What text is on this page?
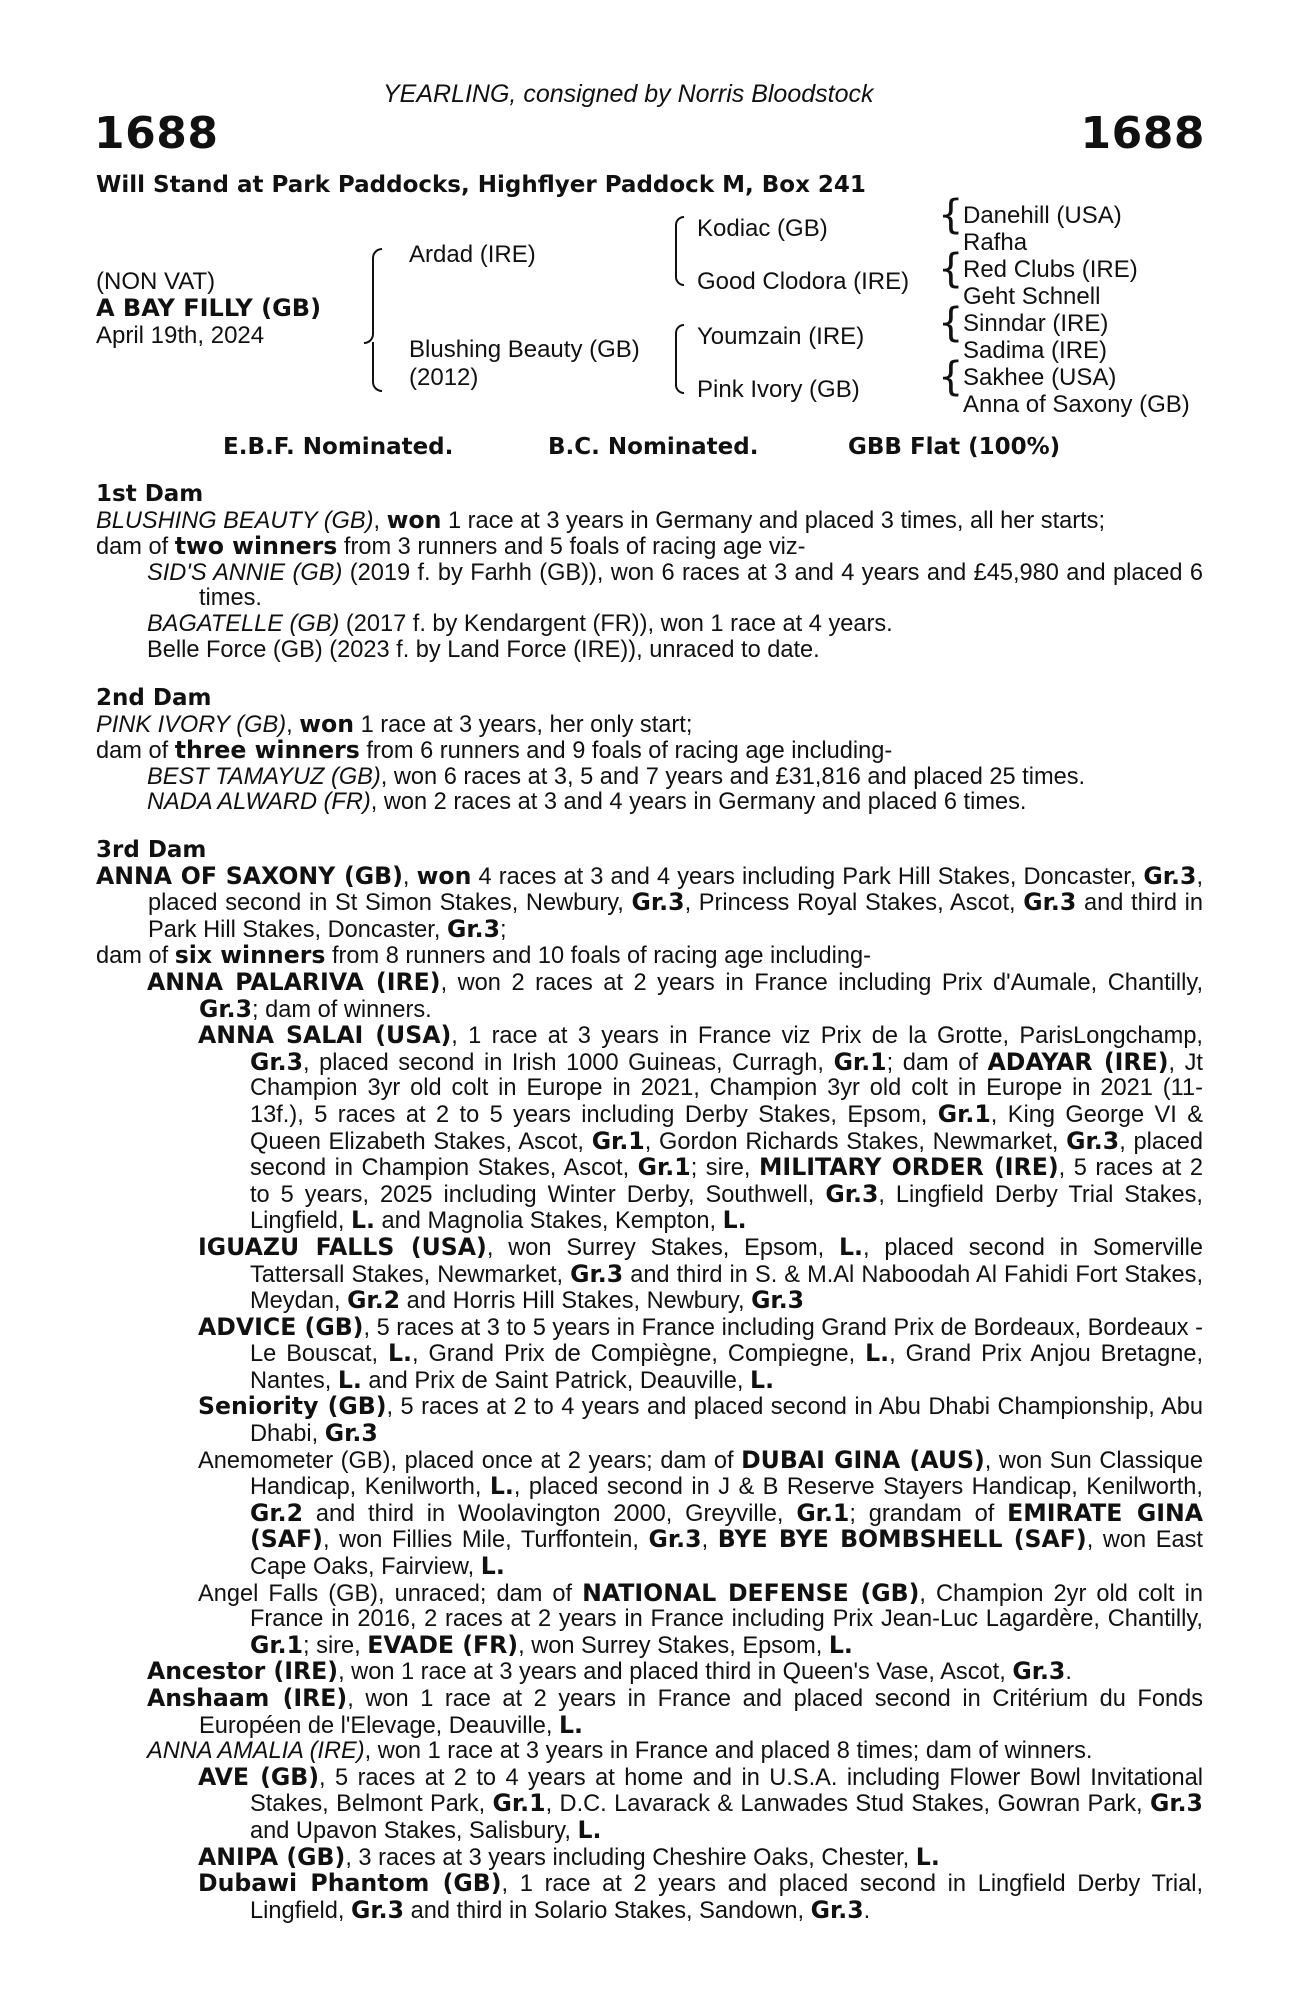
YEARLING, consigned by Norris Bloodstock
1688	1688
Will Stand at Park Paddocks, Highflyer Paddock M, Box 241
(NON VAT)
A BAY FILLY (GB)
April 19th, 2024
Ardad (IRE)
Blushing Beauty (GB)
(2012)
Kodiac (GB)
Good Clodora (IRE)
Youmzain (IRE)
Pink Ivory (GB)
{
{
{
{
Danehill (USA)
Rafha
Red Clubs (IRE)
Geht Schnell
Sinndar (IRE)
Sadima (IRE)
Sakhee (USA)
Anna of Saxony (GB)
E.B.F. Nominated.	B.C. Nominated.	GBB Flat (100%)

1st Dam

BLUSHING BEAUTY (GB), won 1 race at 3 years in Germany and placed 3 times, all her starts;

dam of two winners from 3 runners and 5 foals of racing age viz-

SID'S ANNIE (GB) (2019 f. by Farhh (GB)), won 6 races at 3 and 4 years and £45,980 and placed 6 times.

BAGATELLE (GB) (2017 f. by Kendargent (FR)), won 1 race at 4 years.

Belle Force (GB) (2023 f. by Land Force (IRE)), unraced to date.

2nd Dam

PINK IVORY (GB), won 1 race at 3 years, her only start;

dam of three winners from 6 runners and 9 foals of racing age including-

BEST TAMAYUZ (GB), won 6 races at 3, 5 and 7 years and £31,816 and placed 25 times.

NADA ALWARD (FR), won 2 races at 3 and 4 years in Germany and placed 6 times.

3rd Dam

ANNA OF SAXONY (GB), won 4 races at 3 and 4 years including Park Hill Stakes, Doncaster, Gr.3, placed second in St Simon Stakes, Newbury, Gr.3, Princess Royal Stakes, Ascot, Gr.3 and third in Park Hill Stakes, Doncaster, Gr.3;

dam of six winners from 8 runners and 10 foals of racing age including-

ANNA PALARIVA (IRE), won 2 races at 2 years in France including Prix d'Aumale, Chantilly, Gr.3; dam of winners.

ANNA SALAI (USA), 1 race at 3 years in France viz Prix de la Grotte, ParisLongchamp, Gr.3, placed second in Irish 1000 Guineas, Curragh, Gr.1; dam of ADAYAR (IRE), Jt Champion 3yr old colt in Europe in 2021, Champion 3yr old colt in Europe in 2021 (11-13f.), 5 races at 2 to 5 years including Derby Stakes, Epsom, Gr.1, King George VI & Queen Elizabeth Stakes, Ascot, Gr.1, Gordon Richards Stakes, Newmarket, Gr.3, placed second in Champion Stakes, Ascot, Gr.1; sire, MILITARY ORDER (IRE), 5 races at 2 to 5 years, 2025 including Winter Derby, Southwell, Gr.3, Lingfield Derby Trial Stakes, Lingfield, L. and Magnolia Stakes, Kempton, L.

IGUAZU FALLS (USA), won Surrey Stakes, Epsom, L., placed second in Somerville Tattersall Stakes, Newmarket, Gr.3 and third in S. & M.Al Naboodah Al Fahidi Fort Stakes, Meydan, Gr.2 and Horris Hill Stakes, Newbury, Gr.3

ADVICE (GB), 5 races at 3 to 5 years in France including Grand Prix de Bordeaux, Bordeaux - Le Bouscat, L., Grand Prix de Compiègne, Compiegne, L., Grand Prix Anjou Bretagne, Nantes, L. and Prix de Saint Patrick, Deauville, L.

Seniority (GB), 5 races at 2 to 4 years and placed second in Abu Dhabi Championship, Abu Dhabi, Gr.3

Anemometer (GB), placed once at 2 years; dam of DUBAI GINA (AUS), won Sun Classique Handicap, Kenilworth, L., placed second in J & B Reserve Stayers Handicap, Kenilworth, Gr.2 and third in Woolavington 2000, Greyville, Gr.1; grandam of EMIRATE GINA (SAF), won Fillies Mile, Turffontein, Gr.3, BYE BYE BOMBSHELL (SAF), won East Cape Oaks, Fairview, L.

Angel Falls (GB), unraced; dam of NATIONAL DEFENSE (GB), Champion 2yr old colt in France in 2016, 2 races at 2 years in France including Prix Jean-Luc Lagardère, Chantilly, Gr.1; sire, EVADE (FR), won Surrey Stakes, Epsom, L.

Ancestor (IRE), won 1 race at 3 years and placed third in Queen's Vase, Ascot, Gr.3.

Anshaam (IRE), won 1 race at 2 years in France and placed second in Critérium du Fonds Européen de l'Elevage, Deauville, L.

ANNA AMALIA (IRE), won 1 race at 3 years in France and placed 8 times; dam of winners.

AVE (GB), 5 races at 2 to 4 years at home and in U.S.A. including Flower Bowl Invitational Stakes, Belmont Park, Gr.1, D.C. Lavarack & Lanwades Stud Stakes, Gowran Park, Gr.3 and Upavon Stakes, Salisbury, L.

ANIPA (GB), 3 races at 3 years including Cheshire Oaks, Chester, L.

Dubawi Phantom (GB), 1 race at 2 years and placed second in Lingfield Derby Trial, Lingfield, Gr.3 and third in Solario Stakes, Sandown, Gr.3.
